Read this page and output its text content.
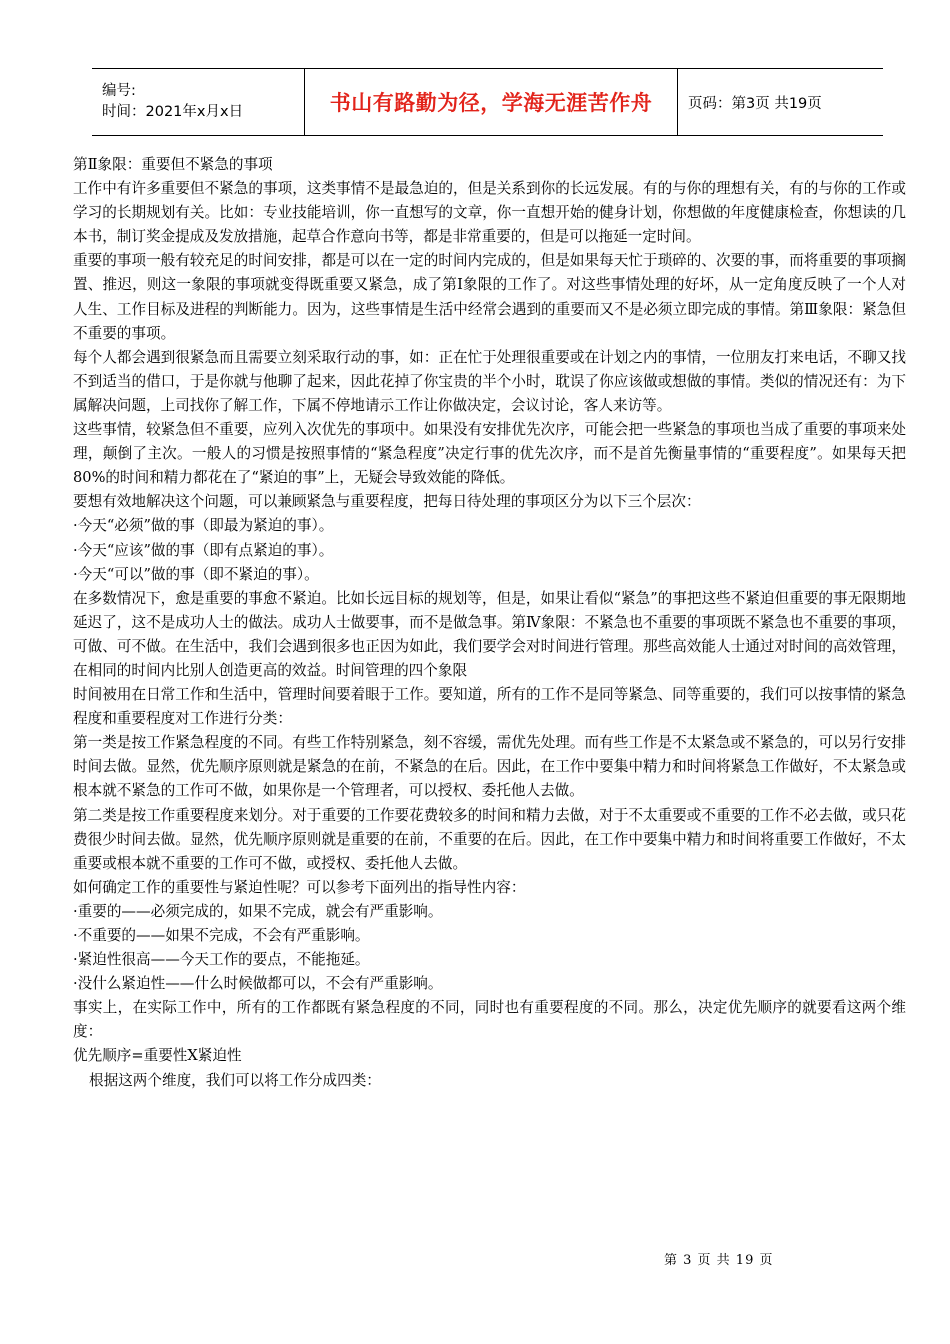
编号:
时间：2021年x月x日	书山有路勤为径，学海无涯苦作舟	页码：第3页 共19页

第Ⅱ象限：重要但不紧急的事项

工作中有许多重要但不紧急的事项，这类事情不是最急迫的，但是关系到你的长远发展。有的与你的理想有关，有的与你的工作或学习的长期规划有关。比如：专业技能培训，你一直想写的文章，你一直想开始的健身计划，你想做的年度健康检查，你想读的几本书，制订奖金提成及发放措施，起草合作意向书等，都是非常重要的，但是可以拖延一定时间。

重要的事项一般有较充足的时间安排，都是可以在一定的时间内完成的，但是如果每天忙于琐碎的、次要的事，而将重要的事项搁置、推迟，则这一象限的事项就变得既重要又紧急，成了第Ⅰ象限的工作了。对这些事情处理的好坏，从一定角度反映了一个人对人生、工作目标及进程的判断能力。因为，这些事情是生活中经常会遇到的重要而又不是必须立即完成的事情。第Ⅲ象限：紧急但不重要的事项。

每个人都会遇到很紧急而且需要立刻采取行动的事，如：正在忙于处理很重要或在计划之内的事情，一位朋友打来电话，不聊又找不到适当的借口，于是你就与他聊了起来，因此花掉了你宝贵的半个小时，耽误了你应该做或想做的事情。类似的情况还有：为下属解决问题，上司找你了解工作，下属不停地请示工作让你做决定，会议讨论，客人来访等。

这些事情，较紧急但不重要，应列入次优先的事项中。如果没有安排优先次序，可能会把一些紧急的事项也当成了重要的事项来处理，颠倒了主次。一般人的习惯是按照事情的“紧急程度”决定行事的优先次序，而不是首先衡量事情的“重要程度”。如果每天把80%的时间和精力都花在了“紧迫的事”上，无疑会导致效能的降低。

要想有效地解决这个问题，可以兼顾紧急与重要程度，把每日待处理的事项区分为以下三个层次：

·今天“必须”做的事（即最为紧迫的事）。

·今天“应该”做的事（即有点紧迫的事）。

·今天“可以”做的事（即不紧迫的事）。

在多数情况下，愈是重要的事愈不紧迫。比如长远目标的规划等，但是，如果让看似“紧急”的事把这些不紧迫但重要的事无限期地延迟了，这不是成功人士的做法。成功人士做要事，而不是做急事。第Ⅳ象限：不紧急也不重要的事项既不紧急也不重要的事项，可做、可不做。在生活中，我们会遇到很多也正因为如此，我们要学会对时间进行管理。那些高效能人士通过对时间的高效管理，在相同的时间内比别人创造更高的效益。时间管理的四个象限

时间被用在日常工作和生活中，管理时间要着眼于工作。要知道，所有的工作不是同等紧急、同等重要的，我们可以按事情的紧急程度和重要程度对工作进行分类：

第一类是按工作紧急程度的不同。有些工作特别紧急，刻不容缓，需优先处理。而有些工作是不太紧急或不紧急的，可以另行安排时间去做。显然，优先顺序原则就是紧急的在前，不紧急的在后。因此，在工作中要集中精力和时间将紧急工作做好，不太紧急或根本就不紧急的工作可不做，如果你是一个管理者，可以授权、委托他人去做。

第二类是按工作重要程度来划分。对于重要的工作要花费较多的时间和精力去做，对于不太重要或不重要的工作不必去做，或只花费很少时间去做。显然，优先顺序原则就是重要的在前，不重要的在后。因此，在工作中要集中精力和时间将重要工作做好，不太重要或根本就不重要的工作可不做，或授权、委托他人去做。

如何确定工作的重要性与紧迫性呢？可以参考下面列出的指导性内容：

·重要的——必须完成的，如果不完成，就会有严重影响。

·不重要的——如果不完成，不会有严重影响。

·紧迫性很高——今天工作的要点，不能拖延。

·没什么紧迫性——什么时候做都可以，不会有严重影响。

事实上，在实际工作中，所有的工作都既有紧急程度的不同，同时也有重要程度的不同。那么，决定优先顺序的就要看这两个维度：

优先顺序=重要性X紧迫性

根据这两个维度，我们可以将工作分成四类：

第 3 页 共 19 页
